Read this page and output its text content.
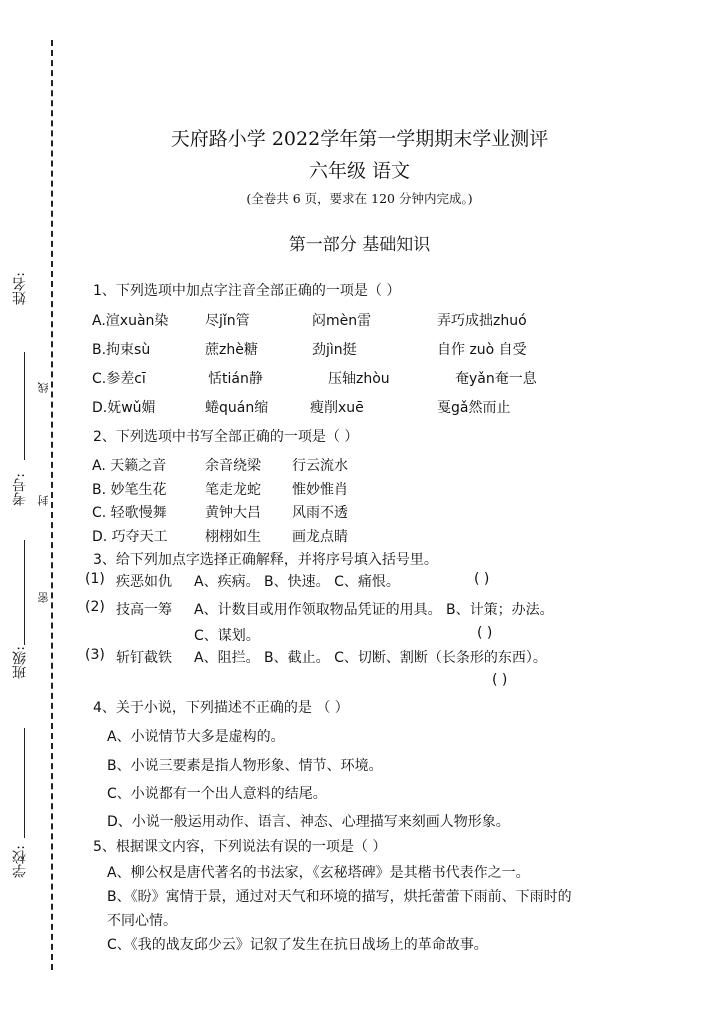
姓名:
线
考号: 封
密
班级:
学校:
天府路小学 2022学年第一学期期末学业测评
六年级 语文
(全卷共 6 页，要求在 120 分钟内完成。)
第一部分 基础知识
1、下列选项中加点字注音全部正确的一项是（ ）
A.渲xuàn染	尽jǐn管	闷mèn雷	弄巧成拙zhuó
B.拘束sù	蔗zhè糖	劲jìn挺	自作 zuò 自受
C.参差cī	恬tián静	压轴zhòu	奄yǎn奄一息
D.妩wǔ媚	蜷quán缩	瘦削xuē	戛gǎ然而止
2、下列选项中书写全部正确的一项是（ ）
A. 天籁之音	余音绕梁 行云流水
B. 妙笔生花	笔走龙蛇 惟妙惟肖
C. 轻歌慢舞	黄钟大吕 风雨不透
D. 巧夺天工	栩栩如生 画龙点睛
3、给下列加点字选择正确解释，并将序号填入括号里。
(1) 疾恶如仇 A、疾病。 B、快速。 C、痛恨。	( )
(2) 技高一筹 A、计数目或用作领取物品凭证的用具。 B、计策；办法。
C、谋划。	( )
(3) 斩钉截铁 A、阻拦。 B、截止。 C、切断、割断（长条形的东西）。
( )
4、关于小说，下列描述不正确的是 （ ）
A、小说情节大多是虚构的。
B、小说三要素是指人物形象、情节、环境。
C、小说都有一个出人意料的结尾。
D、小说一般运用动作、语言、神态、心理描写来刻画人物形象。
5、根据课文内容，下列说法有误的一项是（ ）
A、柳公权是唐代著名的书法家，《玄秘塔碑》是其楷书代表作之一。
B、《盼》寓情于景，通过对天气和环境的描写，烘托蕾蕾下雨前、下雨时的
不同心情。
C、《我的战友邱少云》记叙了发生在抗日战场上的革命故事。
